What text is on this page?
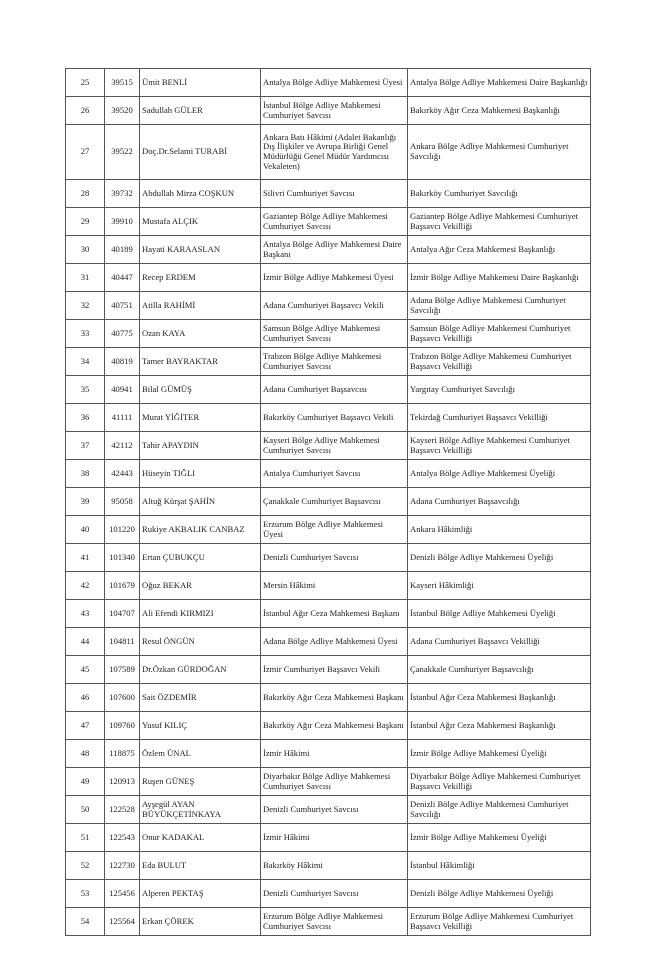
25	39515	Ümit BENLİ	Antalya Bölge Adliye Mahkemesi Üyesi	Antalya Bölge Adliye Mahkemesi Daire Başkanlığı
26	39520	Sadullah GÜLER	İstanbul Bölge Adliye Mahkemesi Cumhuriyet Savcısı	Bakırköy Ağır Ceza Mahkemesi Başkanlığı
27	39522	Doç.Dr.Selami TURABİ	Ankara Batı Hâkimi (Adalet Bakanlığı Dış İlişkiler ve Avrupa Birliği Genel Müdürlüğü Genel Müdür Yardımcısı Vekaleten)	Ankara Bölge Adliye Mahkemesi Cumhuriyet Savcılığı
28	39732	Abdullah Mirza COŞKUN	Silivri Cumhuriyet Savcısı	Bakırköy Cumhuriyet Savcılığı
29	39910	Mustafa ALÇIK	Gaziantep Bölge Adliye Mahkemesi Cumhuriyet Savcısı	Gaziantep Bölge Adliye Mahkemesi Cumhuriyet Başsavcı Vekilliği
30	40189	Hayati KARAASLAN	Antalya Bölge Adliye Mahkemesi Daire Başkanı	Antalya Ağır Ceza Mahkemesi Başkanlığı
31	40447	Recep ERDEM	İzmir Bölge Adliye Mahkemesi Üyesi	İzmir Bölge Adliye Mahkemesi Daire Başkanlığı
32	40751	Atilla RAHİMİ	Adana Cumhuriyet Başsavcı Vekili	Adana Bölge Adliye Mahkemesi Cumhuriyet Savcılığı
33	40775	Ozan KAYA	Samsun Bölge Adliye Mahkemesi Cumhuriyet Savcısı	Samsun Bölge Adliye Mahkemesi Cumhuriyet Başsavcı Vekilliği
34	40819	Tamer BAYRAKTAR	Trabzon Bölge Adliye Mahkemesi Cumhuriyet Savcısı	Trabzon Bölge Adliye Mahkemesi Cumhuriyet Başsavcı Vekilliği
35	40941	Bilal GÜMÜŞ	Adana Cumhuriyet Başsavcısı	Yargıtay Cumhuriyet Savcılığı
36	41111	Murat YİĞİTER	Bakırköy Cumhuriyet Başsavcı Vekili	Tekirdağ Cumhuriyet Başsavcı Vekilliği
37	42112	Tahir APAYDIN	Kayseri Bölge Adliye Mahkemesi Cumhuriyet Savcısı	Kayseri Bölge Adliye Mahkemesi Cumhuriyet Başsavcı Vekilliği
38	42443	Hüseyin TIĞLI	Antalya Cumhuriyet Savcısı	Antalya Bölge Adliye Mahkemesi Üyeliği
39	95058	Altuğ Kürşat ŞAHİN	Çanakkale Cumhuriyet Başsavcısı	Adana Cumhuriyet Başsavcılığı
40	101220	Rukiye AKBALIK CANBAZ	Erzurum Bölge Adliye Mahkemesi Üyesi	Ankara Hâkimliği
41	101340	Ertan ÇUBUKÇU	Denizli Cumhuriyet Savcısı	Denizli Bölge Adliye Mahkemesi Üyeliği
42	101679	Oğuz BEKAR	Mersin Hâkimi	Kayseri Hâkimliği
43	104707	Ali Efendi KIRMIZI	İstanbul Ağır Ceza Mahkemesi Başkanı	İstanbul Bölge Adliye Mahkemesi Üyeliği
44	104811	Resul ÖNGÜN	Adana Bölge Adliye Mahkemesi Üyesi	Adana Cumhuriyet Başsavcı Vekilliği
45	107589	Dr.Özkan GÜRDOĞAN	İzmir Cumhuriyet Başsavcı Vekili	Çanakkale Cumhuriyet Başsavcılığı
46	107600	Sait ÖZDEMİR	Bakırköy Ağır Ceza Mahkemesi Başkanı	İstanbul Ağır Ceza Mahkemesi Başkanlığı
47	109760	Yusuf KILIÇ	Bakırköy Ağır Ceza Mahkemesi Başkanı	İstanbul Ağır Ceza Mahkemesi Başkanlığı
48	118875	Özlem ÜNAL	İzmir Hâkimi	İzmir Bölge Adliye Mahkemesi Üyeliği
49	120913	Ruşen GÜNEŞ	Diyarbakır Bölge Adliye Mahkemesi Cumhuriyet Savcısı	Diyarbakır Bölge Adliye Mahkemesi Cumhuriyet Başsavcı Vekilliği
50	122528	Ayşegül AYAN BÜYÜKÇETİNKAYA	Denizli Cumhuriyet Savcısı	Denizli Bölge Adliye Mahkemesi Cumhuriyet Savcılığı
51	122543	Onur KADAKAL	İzmir Hâkimi	İzmir Bölge Adliye Mahkemesi Üyeliği
52	122730	Eda BULUT	Bakırköy Hâkimi	İstanbul Hâkimliği
53	125456	Alperen PEKTAŞ	Denizli Cumhuriyet Savcısı	Denizli Bölge Adliye Mahkemesi Üyeliği
54	125564	Erkan ÇÖREK	Erzurum Bölge Adliye Mahkemesi Cumhuriyet Savcısı	Erzurum Bölge Adliye Mahkemesi Cumhuriyet Başsavcı Vekilliği
